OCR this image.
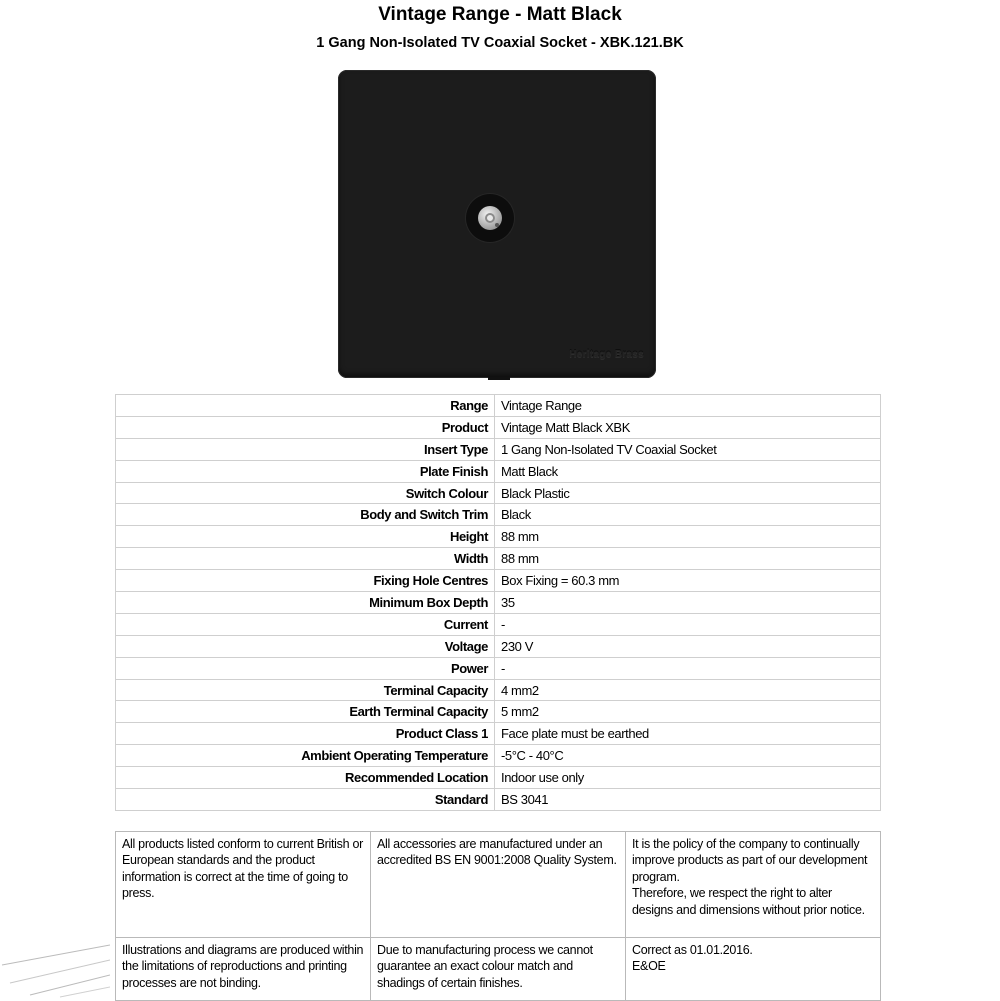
Vintage Range - Matt Black
1 Gang Non-Isolated TV Coaxial Socket - XBK.121.BK
Heritage Brass
Range	Vintage Range
Product	Vintage Matt Black XBK
Insert Type	1 Gang Non-Isolated TV Coaxial Socket
Plate Finish	Matt Black
Switch Colour	Black Plastic
Body and Switch Trim	Black
Height	88 mm
Width	88 mm
Fixing Hole Centres	Box Fixing = 60.3 mm
Minimum Box Depth	35
Current	-
Voltage	230 V
Power	-
Terminal Capacity	4 mm2
Earth Terminal Capacity	5 mm2
Product Class 1	Face plate must be earthed
Ambient Operating Temperature	-5°C - 40°C
Recommended Location	Indoor use only
Standard	BS 3041
All products listed conform to current British or European standards and the product information is correct at the time of going to press.	All accessories are manufactured under an accredited BS EN 9001:2008 Quality System.	It is the policy of the company to continually improve products as part of our development program.
Therefore, we respect the right to alter designs and dimensions without prior notice.

Illustrations and diagrams are produced within the limitations of reproductions and printing processes are not binding.	Due to manufacturing process we cannot guarantee an exact colour match and shadings of certain finishes.	Correct as 01.01.2016.
E&OE
